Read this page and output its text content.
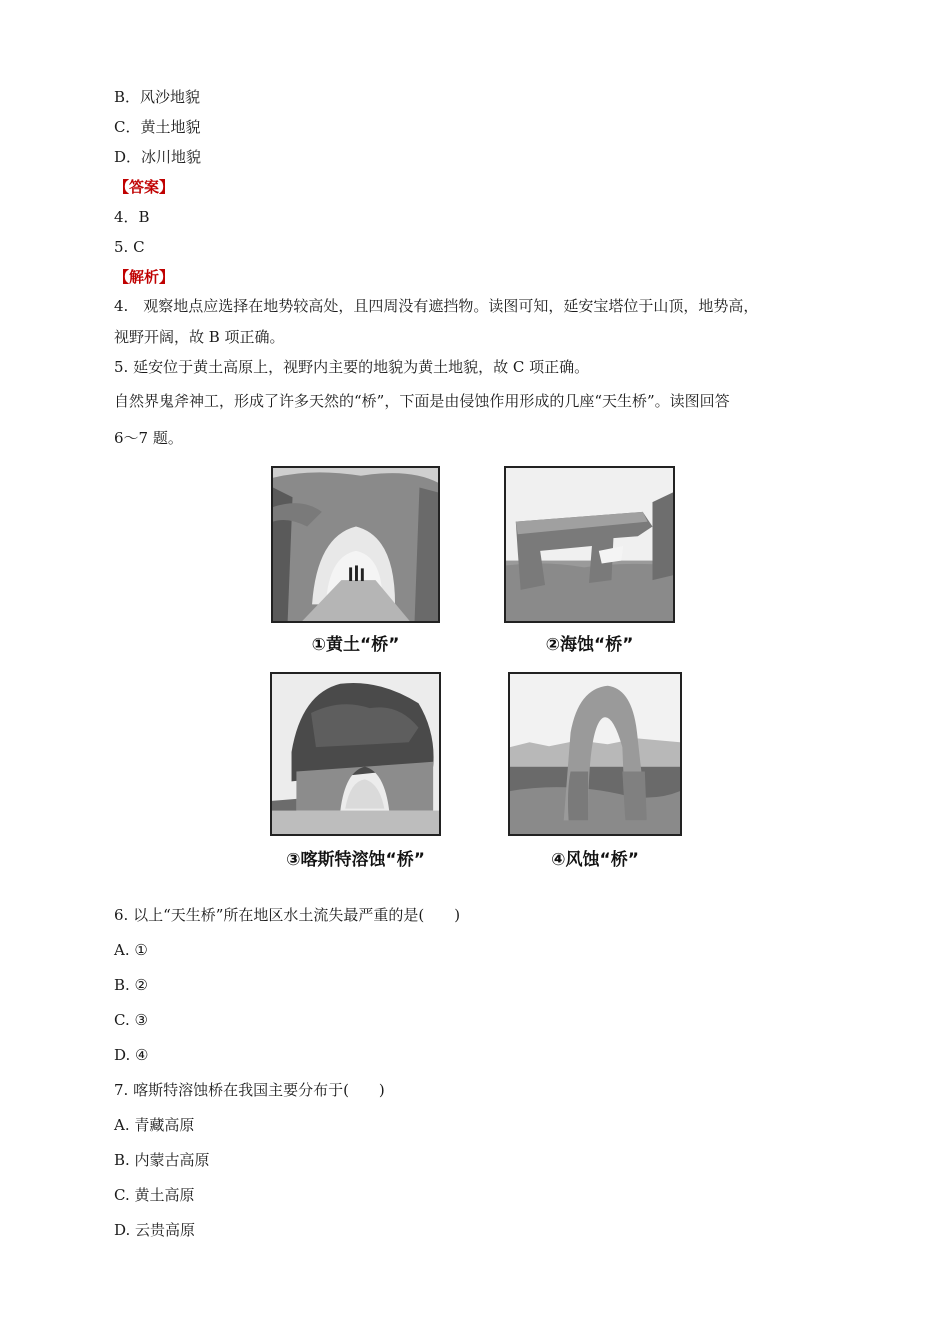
B．风沙地貌
C．黄土地貌
D．冰川地貌
【答案】
4．B
5. C
【解析】
4.　观察地点应选择在地势较高处，且四周没有遮挡物。读图可知，延安宝塔位于山顶，地势高，
视野开阔，故 B 项正确。
5. 延安位于黄土高原上，视野内主要的地貌为黄土地貌，故 C 项正确。
自然界鬼斧神工，形成了许多天然的“桥”，下面是由侵蚀作用形成的几座“天生桥”。读图回答
6～7 题。
①黄土“桥”	②海蚀“桥”
③喀斯特溶蚀“桥”	④风蚀“桥”
6. 以上“天生桥”所在地区水土流失最严重的是(　　)
A. ①
B. ②
C. ③
D. ④
7. 喀斯特溶蚀桥在我国主要分布于(　　)
A. 青藏高原
B. 内蒙古高原
C. 黄土高原
D. 云贵高原
